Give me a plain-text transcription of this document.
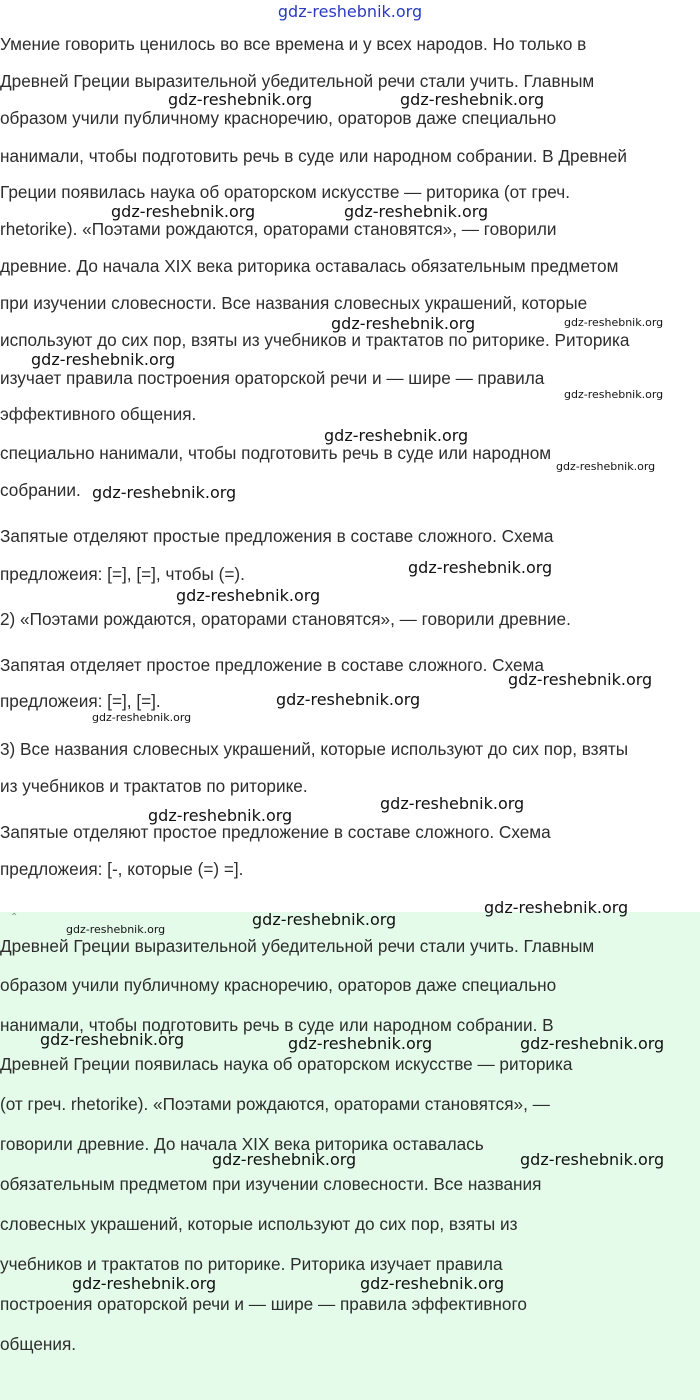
gdz-reshebnik.org
Умение говорить ценилось во все времена и у всех народов. Но только в
Древней Греции выразительной убедительной речи стали учить. Главным
образом учили публичному красноречию, ораторов даже специально
нанимали, чтобы подготовить речь в суде или народном собрании. В Древней
Греции появилась наука об ораторском искусстве — риторика (от греч.
rhetorike). «Поэтами рождаются, ораторами становятся», — говорили
древние. До начала XIX века риторика оставалась обязательным предметом
при изучении словесности. Все названия словесных украшений, которые
используют до сих пор, взяты из учебников и трактатов по риторике. Риторика
изучает правила построения ораторской речи и — шире — правила
эффективного общения.
специально нанимали, чтобы подготовить речь в суде или народном
собрании.
Запятые отделяют простые предложения в составе сложного. Схема
предложеия: [=], [=], чтобы (=).
2) «Поэтами рождаются, ораторами становятся», — говорили древние.
Запятая отделяет простое предложение в составе сложного. Схема
предложеия: [=], [=].
3) Все названия словесных украшений, которые используют до сих пор, взяты
из учебников и трактатов по риторике.
Запятые отделяют простое предложение в составе сложного. Схема
предложеия: [-, которые (=) =].
⌃
Древней Греции выразительной убедительной речи стали учить. Главным
образом учили публичному красноречию, ораторов даже специально
нанимали, чтобы подготовить речь в суде или народном собрании. В
Древней Греции появилась наука об ораторском искусстве — риторика
(от греч. rhetorike). «Поэтами рождаются, ораторами становятся», —
говорили древние. До начала XIX века риторика оставалась
обязательным предметом при изучении словесности. Все названия
словесных украшений, которые используют до сих пор, взяты из
учебников и трактатов по риторике. Риторика изучает правила
построения ораторской речи и — шире — правила эффективного
общения.
gdz-reshebnik.org	gdz-reshebnik.org
gdz-reshebnik.org	gdz-reshebnik.org
gdz-reshebnik.org	gdz-reshebnik.org
gdz-reshebnik.org
gdz-reshebnik.org
gdz-reshebnik.org
gdz-reshebnik.org
gdz-reshebnik.org
gdz-reshebnik.org
gdz-reshebnik.org
gdz-reshebnik.org
gdz-reshebnik.org
gdz-reshebnik.org
gdz-reshebnik.org
gdz-reshebnik.org
gdz-reshebnik.org
gdz-reshebnik.org
gdz-reshebnik.org
gdz-reshebnik.org	gdz-reshebnik.org	gdz-reshebnik.org
gdz-reshebnik.org	gdz-reshebnik.org
gdz-reshebnik.org	gdz-reshebnik.org
